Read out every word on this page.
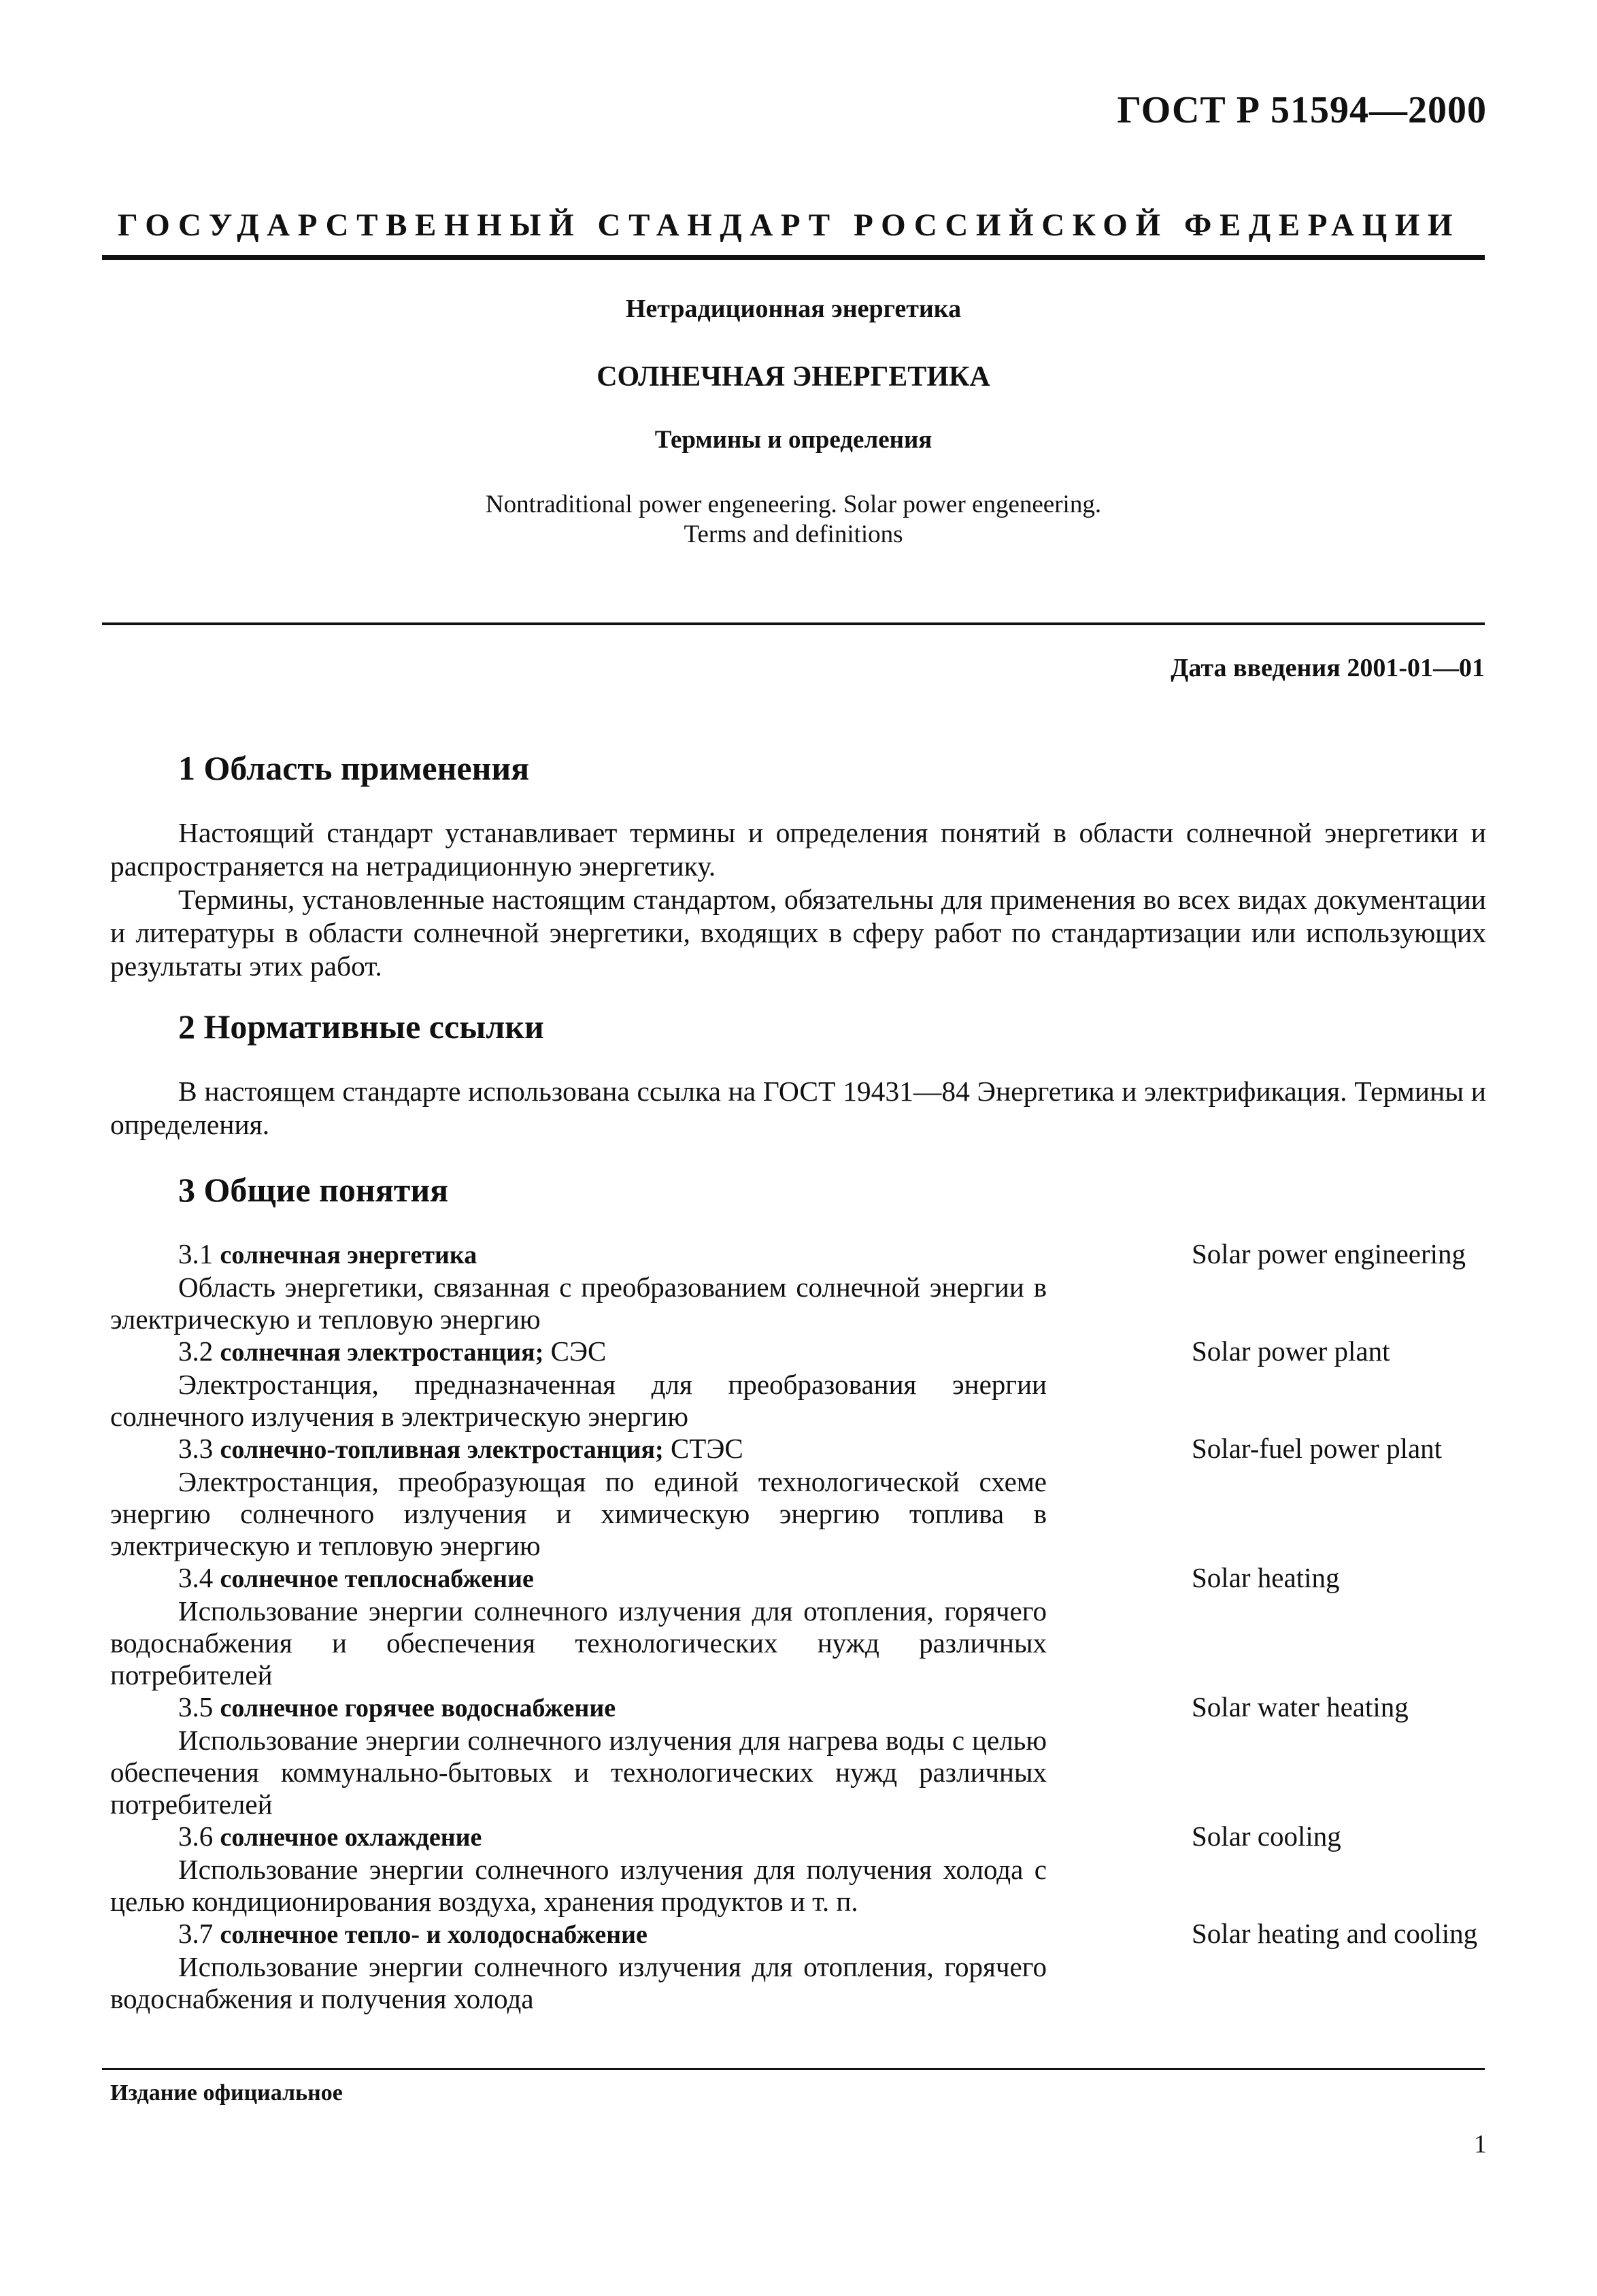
ГОСТ Р 51594—2000
ГОСУДАРСТВЕННЫЙ СТАНДАРТ РОССИЙСКОЙ ФЕДЕРАЦИИ
Нетрадиционная энергетика
СОЛНЕЧНАЯ ЭНЕРГЕТИКА
Термины и определения
Nontraditional power engeneering. Solar power engeneering.
Terms and definitions
Дата введения 2001-01—01
1 Область применения

Настоящий стандарт устанавливает термины и определения понятий в области солнечной энергетики и распространяется на нетрадиционную энергетику.

Термины, установленные настоящим стандартом, обязательны для применения во всех видах документации и литературы в области солнечной энергетики, входящих в сферу работ по стандартизации или использующих результаты этих работ.

2 Нормативные ссылки

В настоящем стандарте использована ссылка на ГОСТ 19431—84 Энергетика и электрификация. Термины и определения.

3 Общие понятия
3.1 солнечная энергетика
Область энергетики, связанная с преобразованием солнечной энергии в электрическую и тепловую энергию
Solar power engineering
3.2 солнечная электростанция; СЭС
Электростанция, предназначенная для преобразования энергии солнечного излучения в электрическую энергию
Solar power plant
3.3 солнечно-топливная электростанция; СТЭС
Электростанция, преобразующая по единой технологической схеме энергию солнечного излучения и химическую энергию топлива в электрическую и тепловую энергию
Solar-fuel power plant
3.4 солнечное теплоснабжение
Использование энергии солнечного излучения для отопления, горячего водоснабжения и обеспечения технологических нужд различных потребителей
Solar heating
3.5 солнечное горячее водоснабжение
Использование энергии солнечного излучения для нагрева воды с целью обеспечения коммунально-бытовых и технологических нужд различных потребителей
Solar water heating
3.6 солнечное охлаждение
Использование энергии солнечного излучения для получения холода с целью кондиционирования воздуха, хранения продуктов и т. п.
Solar cooling
3.7 солнечное тепло- и холодоснабжение
Использование энергии солнечного излучения для отопления, горячего водоснабжения и получения холода
Solar heating and cooling
Издание официальное
1
